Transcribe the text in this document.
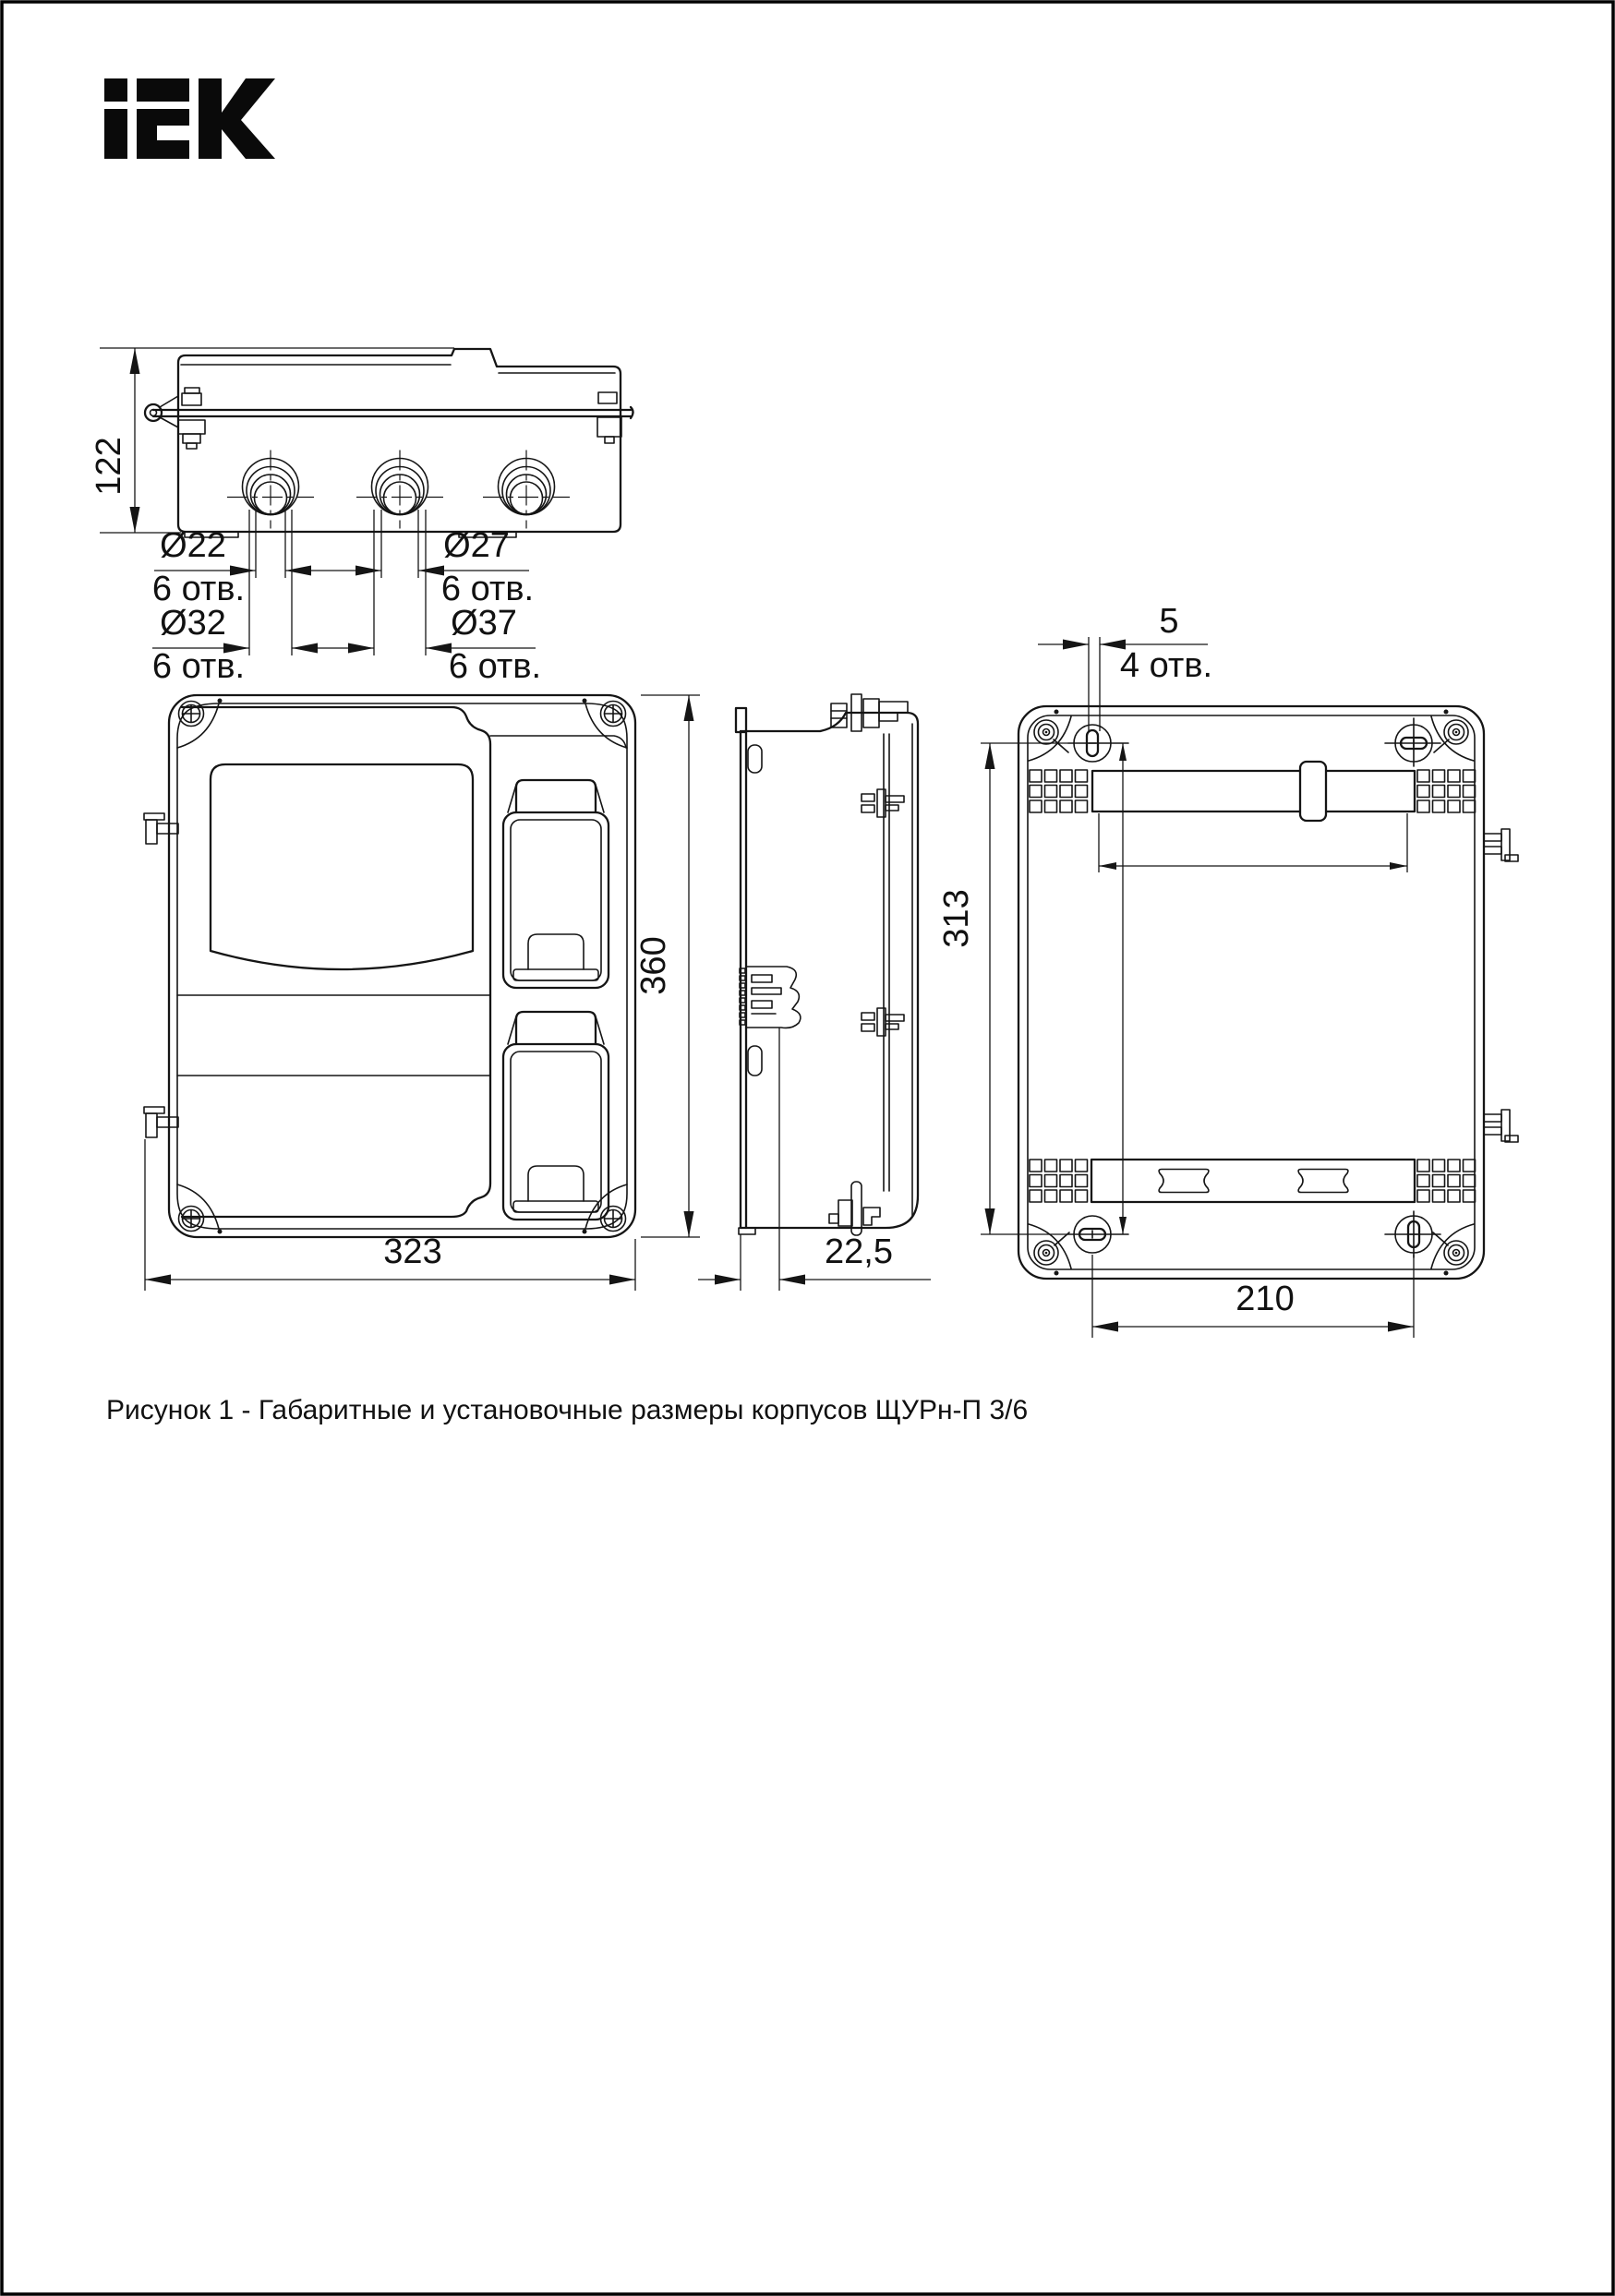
122
Ø22
6 отв.
Ø27
6 отв.
Ø32
6 отв.
Ø37
6 отв.
360
323	22,5
5
4 отв.
313
210
Рисунок 1 - Габаритные и установочные размеры корпусов ЩУРн-П 3/6
